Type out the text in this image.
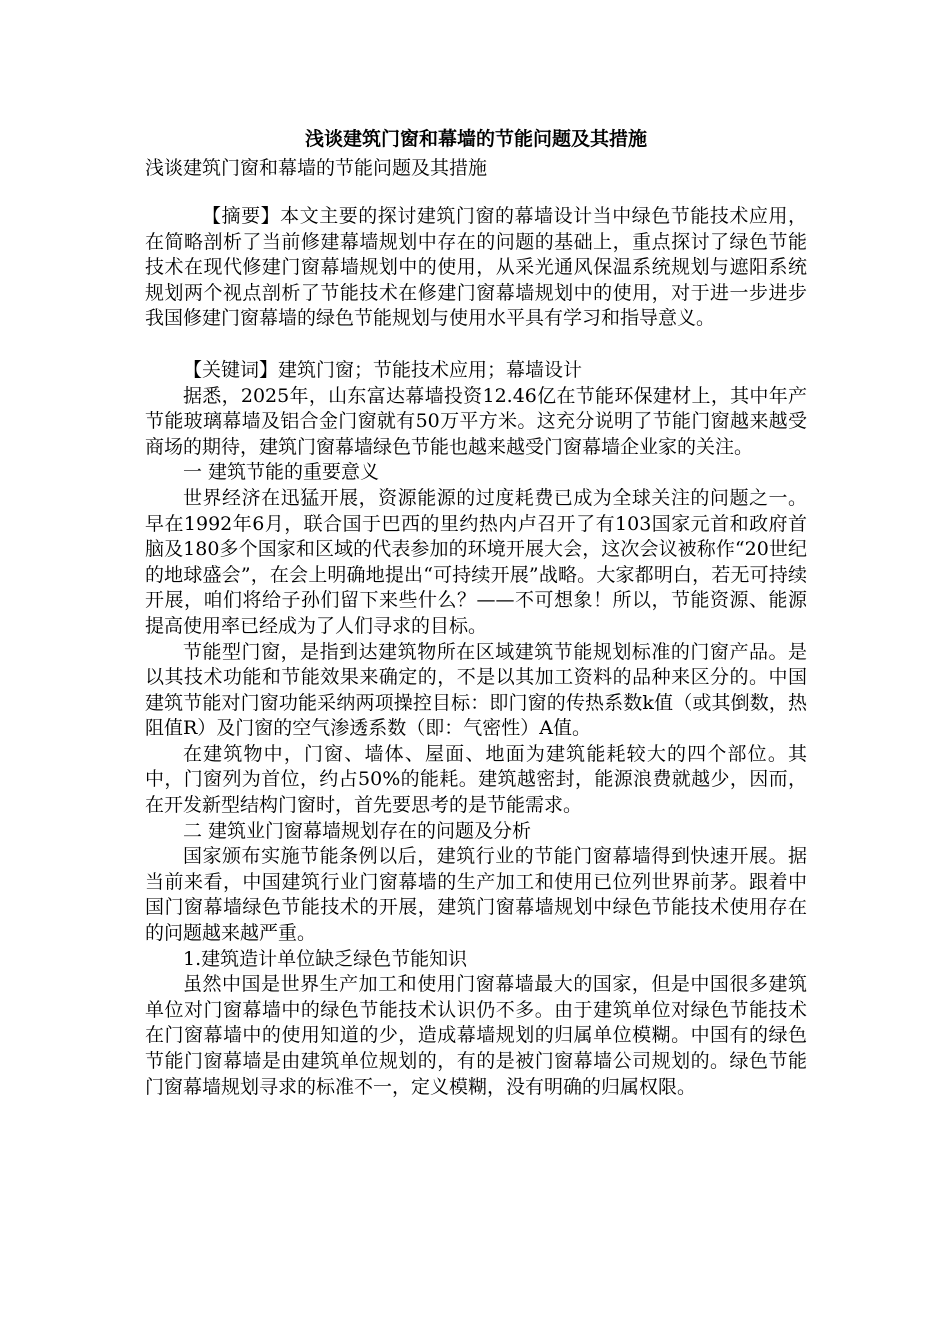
浅谈建筑门窗和幕墙的节能问题及其措施

浅谈建筑门窗和幕墙的节能问题及其措施

【摘要】本文主要的探讨建筑门窗的幕墙设计当中绿色节能技术应用，在简略剖析了当前修建幕墙规划中存在的问题的基础上，重点探讨了绿色节能技术在现代修建门窗幕墙规划中的使用，从采光通风保温系统规划与遮阳系统规划两个视点剖析了节能技术在修建门窗幕墙规划中的使用，对于进一步进步我国修建门窗幕墙的绿色节能规划与使用水平具有学习和指导意义。

【关键词】建筑门窗；节能技术应用；幕墙设计

据悉，2025年，山东富达幕墙投资12.46亿在节能环保建材上，其中年产节能玻璃幕墙及铝合金门窗就有50万平方米。这充分说明了节能门窗越来越受商场的期待，建筑门窗幕墙绿色节能也越来越受门窗幕墙企业家的关注。

一 建筑节能的重要意义

世界经济在迅猛开展，资源能源的过度耗费已成为全球关注的问题之一。早在1992年6月，联合国于巴西的里约热内卢召开了有103国家元首和政府首脑及180多个国家和区域的代表参加的环境开展大会，这次会议被称作“20世纪的地球盛会”，在会上明确地提出“可持续开展”战略。大家都明白，若无可持续开展，咱们将给子孙们留下来些什么？——不可想象！所以，节能资源、能源提高使用率已经成为了人们寻求的目标。

节能型门窗，是指到达建筑物所在区域建筑节能规划标准的门窗产品。是以其技术功能和节能效果来确定的，不是以其加工资料的品种来区分的。中国建筑节能对门窗功能采纳两项操控目标：即门窗的传热系数k值（或其倒数，热阻值R）及门窗的空气渗透系数（即：气密性）A值。

在建筑物中，门窗、墙体、屋面、地面为建筑能耗较大的四个部位。其中，门窗列为首位，约占50%的能耗。建筑越密封，能源浪费就越少，因而，在开发新型结构门窗时，首先要思考的是节能需求。

二 建筑业门窗幕墙规划存在的问题及分析

国家颁布实施节能条例以后，建筑行业的节能门窗幕墙得到快速开展。据当前来看，中国建筑行业门窗幕墙的生产加工和使用已位列世界前茅。跟着中国门窗幕墙绿色节能技术的开展，建筑门窗幕墙规划中绿色节能技术使用存在的问题越来越严重。

1.建筑造计单位缺乏绿色节能知识

虽然中国是世界生产加工和使用门窗幕墙最大的国家，但是中国很多建筑单位对门窗幕墙中的绿色节能技术认识仍不多。由于建筑单位对绿色节能技术在门窗幕墙中的使用知道的少，造成幕墙规划的归属单位模糊。中国有的绿色节能门窗幕墙是由建筑单位规划的，有的是被门窗幕墙公司规划的。绿色节能门窗幕墙规划寻求的标准不一，定义模糊，没有明确的归属权限。
